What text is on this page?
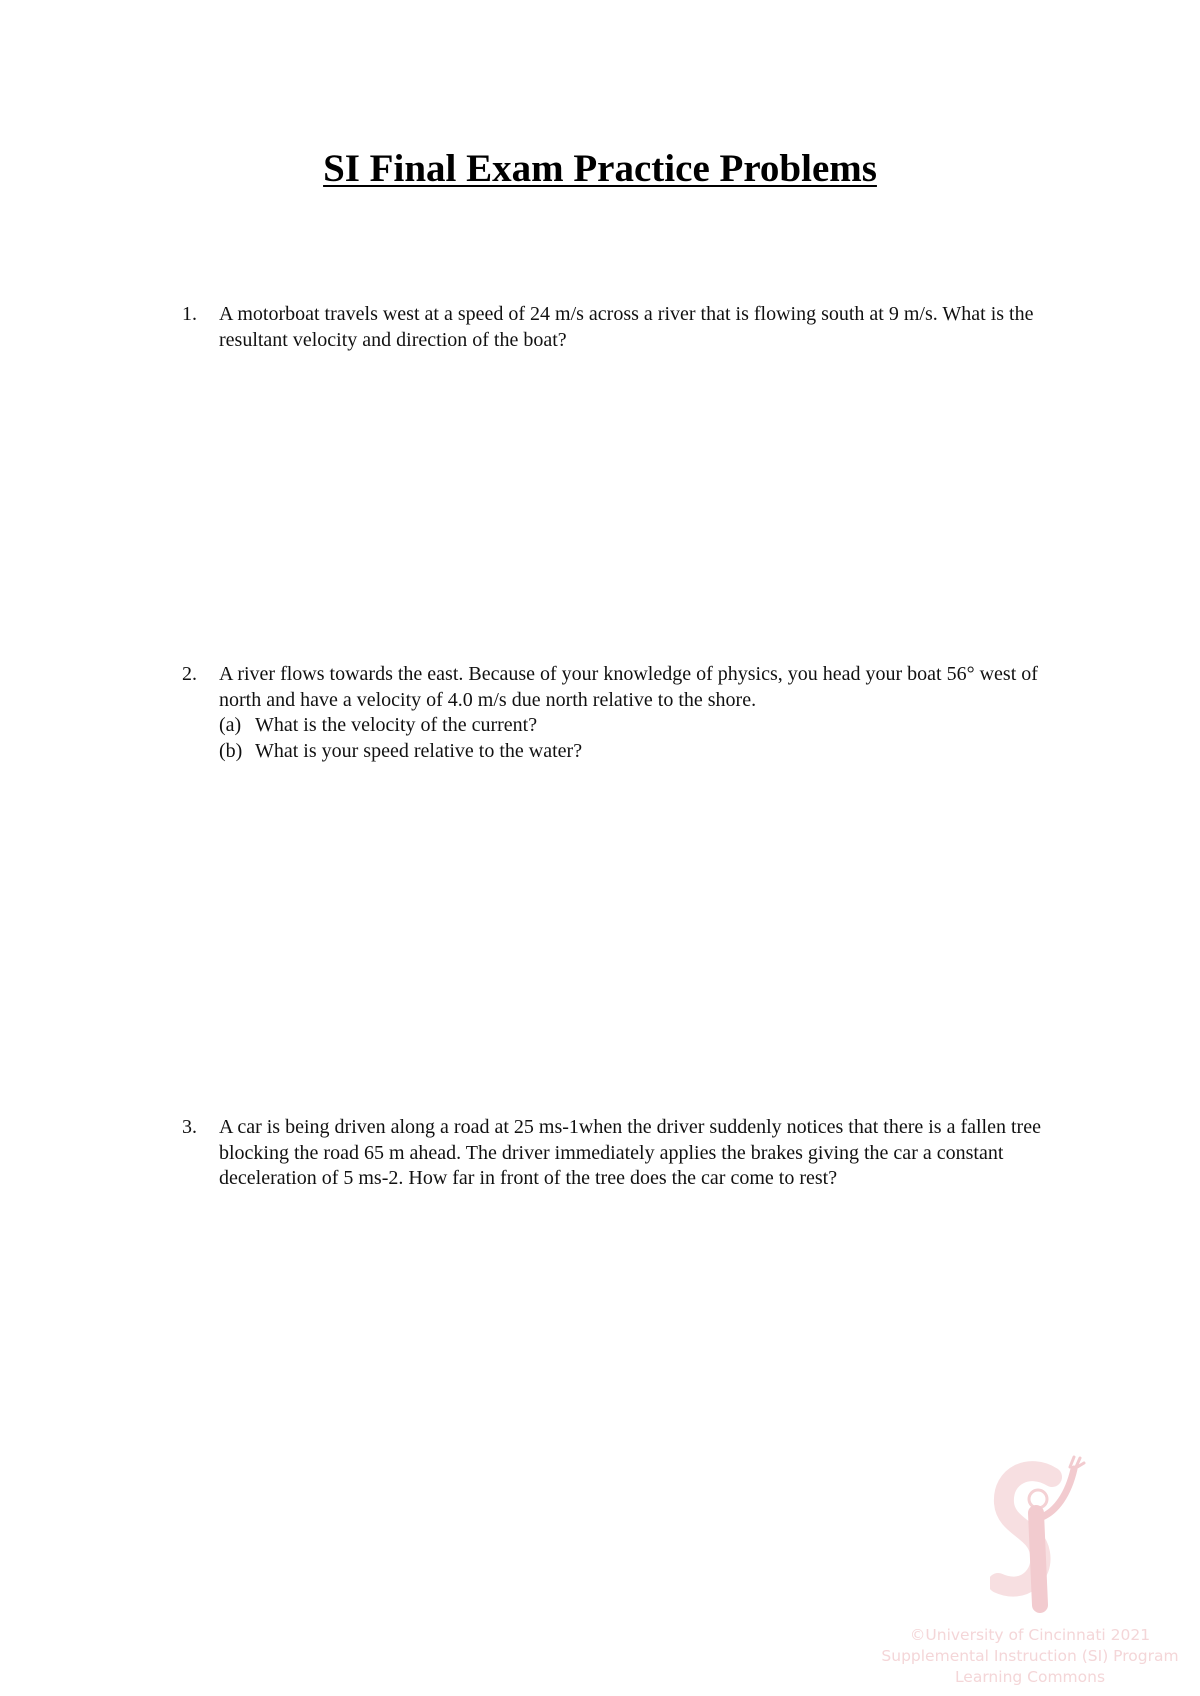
SI Final Exam Practice Problems
1.	A motorboat travels west at a speed of 24 m/s across a river that is flowing south at 9 m/s. What is the resultant velocity and direction of the boat?
2.	A river flows towards the east. Because of your knowledge of physics, you head your boat 56° west of north and have a velocity of 4.0 m/s due north relative to the shore.
(a) What is the velocity of the current?
(b) What is your speed relative to the water?
3.	A car is being driven along a road at 25 ms-1when the driver suddenly notices that there is a fallen tree blocking the road 65 m ahead. The driver immediately applies the brakes giving the car a constant deceleration of 5 ms-2. How far in front of the tree does the car come to rest?
©University of Cincinnati 2021
Supplemental Instruction (SI) Program
Learning Commons
